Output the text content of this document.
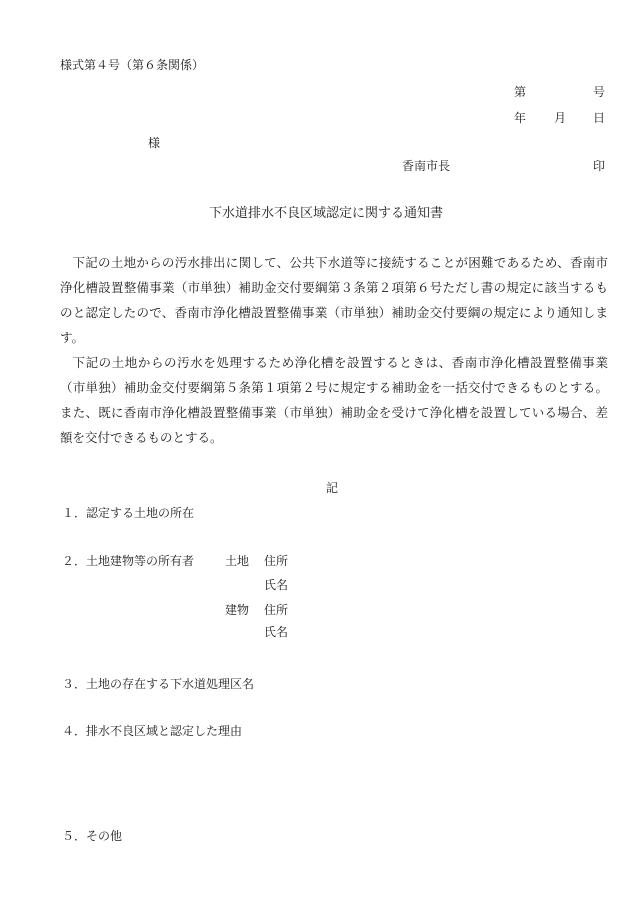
様式第４号（第６条関係）
第	号
年 月 日
様
香南市長	印
下水道排水不良区域認定に関する通知書

下記の土地からの汚水排出に関して、公共下水道等に接続することが困難であるため、香南市浄化槽設置整備事業（市単独）補助金交付要綱第３条第２項第６号ただし書の規定に該当するものと認定したので、香南市浄化槽設置整備事業（市単独）補助金交付要綱の規定により通知します。

下記の土地からの汚水を処理するため浄化槽を設置するときは、香南市浄化槽設置整備事業（市単独）補助金交付要綱第５条第１項第２号に規定する補助金を一括交付できるものとする。また、既に香南市浄化槽設置整備事業（市単独）補助金を受けて浄化槽を設置している場合、差額を交付できるものとする。

記
１．認定する土地の所在
２．土地建物等の所有者	土地 住所
氏名
建物 住所
氏名
３．土地の存在する下水道処理区名
４．排水不良区域と認定した理由
５．その他
